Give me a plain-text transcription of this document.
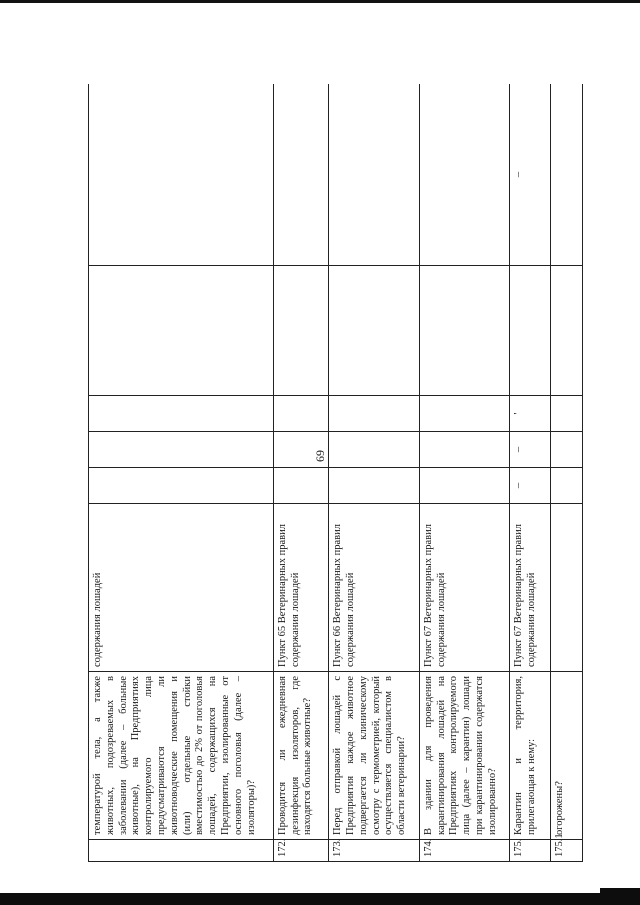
69
	температурой тела, а также животных, подозреваемых в заболевании (далее – больные животные), на Предприятиях контролируемого лица предусматриваются ли животноводческие помещения и (или) отдельные стойки вместимостью до 2% от поголовья лошадей, содержащихся на Предприятии, изолированные от основного поголовья (далее – изоляторы)?	содержания лошадей					
172.	Проводится ли ежедневная дезинфекция изоляторов, где находятся больные животные?	Пункт 65 Ветеринарных правил содержания лошадей					
173.	Перед отправкой лошадей с Предприятия каждое животное подвергается ли клиническому осмотру с термометрией, который осуществляется специалистом в области ветеринарии?	Пункт 66 Ветеринарных правил содержания лошадей					
174.	В здании для проведения карантинирования лошадей на Предприятиях контролируемого лица (далее – карантин) лошади при карантинировании содержатся изолированно?	Пункт 67 Ветеринарных правил содержания лошадей					
175.	Карантин и территория, прилегающая к нему:	Пункт 67 Ветеринарных правил содержания лошадей	–	–	'		–
175.1	огорожены?						
